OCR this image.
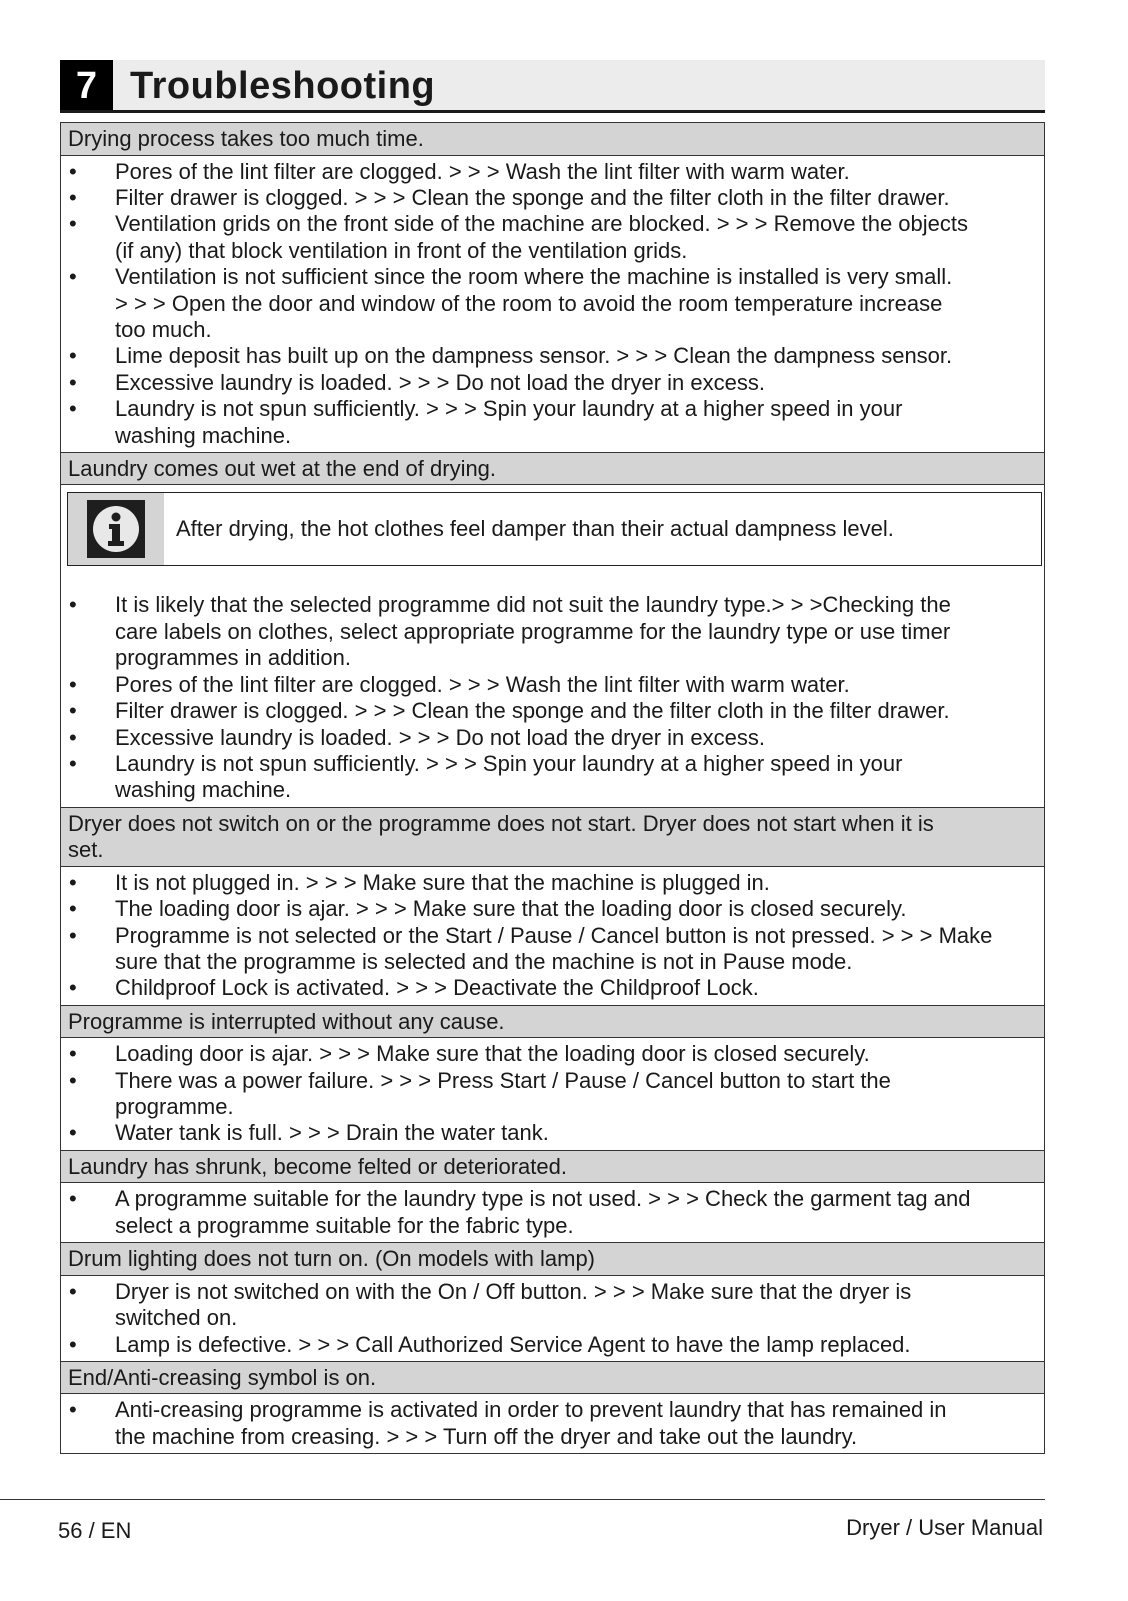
7 Troubleshooting
Drying process takes too much time.
• Pores of the lint filter are clogged. > > > Wash the lint filter with warm water.
• Filter drawer is clogged. > > > Clean the sponge and the filter cloth in the filter drawer.
• Ventilation grids on the front side of the machine are blocked. > > > Remove the objects
(if any) that block ventilation in front of the ventilation grids.
• Ventilation is not sufficient since the room where the machine is installed is very small.
> > > Open the door and window of the room to avoid the room temperature increase
too much.
• Lime deposit has built up on the dampness sensor. > > > Clean the dampness sensor.
• Excessive laundry is loaded. > > > Do not load the dryer in excess.
• Laundry is not spun sufficiently. > > > Spin your laundry at a higher speed in your
washing machine.
Laundry comes out wet at the end of drying.
After drying, the hot clothes feel damper than their actual dampness level.
• It is likely that the selected programme did not suit the laundry type.> > >Checking the
care labels on clothes, select appropriate programme for the laundry type or use timer
programmes in addition.
• Pores of the lint filter are clogged. > > > Wash the lint filter with warm water.
• Filter drawer is clogged. > > > Clean the sponge and the filter cloth in the filter drawer.
• Excessive laundry is loaded. > > > Do not load the dryer in excess.
• Laundry is not spun sufficiently. > > > Spin your laundry at a higher speed in your
washing machine.
Dryer does not switch on or the programme does not start. Dryer does not start when it is
set.
• It is not plugged in. > > > Make sure that the machine is plugged in.
• The loading door is ajar. > > > Make sure that the loading door is closed securely.
• Programme is not selected or the Start / Pause / Cancel button is not pressed. > > > Make
sure that the programme is selected and the machine is not in Pause mode.
• Childproof Lock is activated. > > > Deactivate the Childproof Lock.
Programme is interrupted without any cause.
• Loading door is ajar. > > > Make sure that the loading door is closed securely.
• There was a power failure. > > > Press Start / Pause / Cancel button to start the
programme.
• Water tank is full. > > > Drain the water tank.
Laundry has shrunk, become felted or deteriorated.
• A programme suitable for the laundry type is not used. > > > Check the garment tag and
select a programme suitable for the fabric type.
Drum lighting does not turn on. (On models with lamp)
• Dryer is not switched on with the On / Off button. > > > Make sure that the dryer is
switched on.
• Lamp is defective. > > > Call Authorized Service Agent to have the lamp replaced.
End/Anti-creasing symbol is on.
• Anti-creasing programme is activated in order to prevent laundry that has remained in
the machine from creasing. > > > Turn off the dryer and take out the laundry.
56 / EN	Dryer / User Manual
